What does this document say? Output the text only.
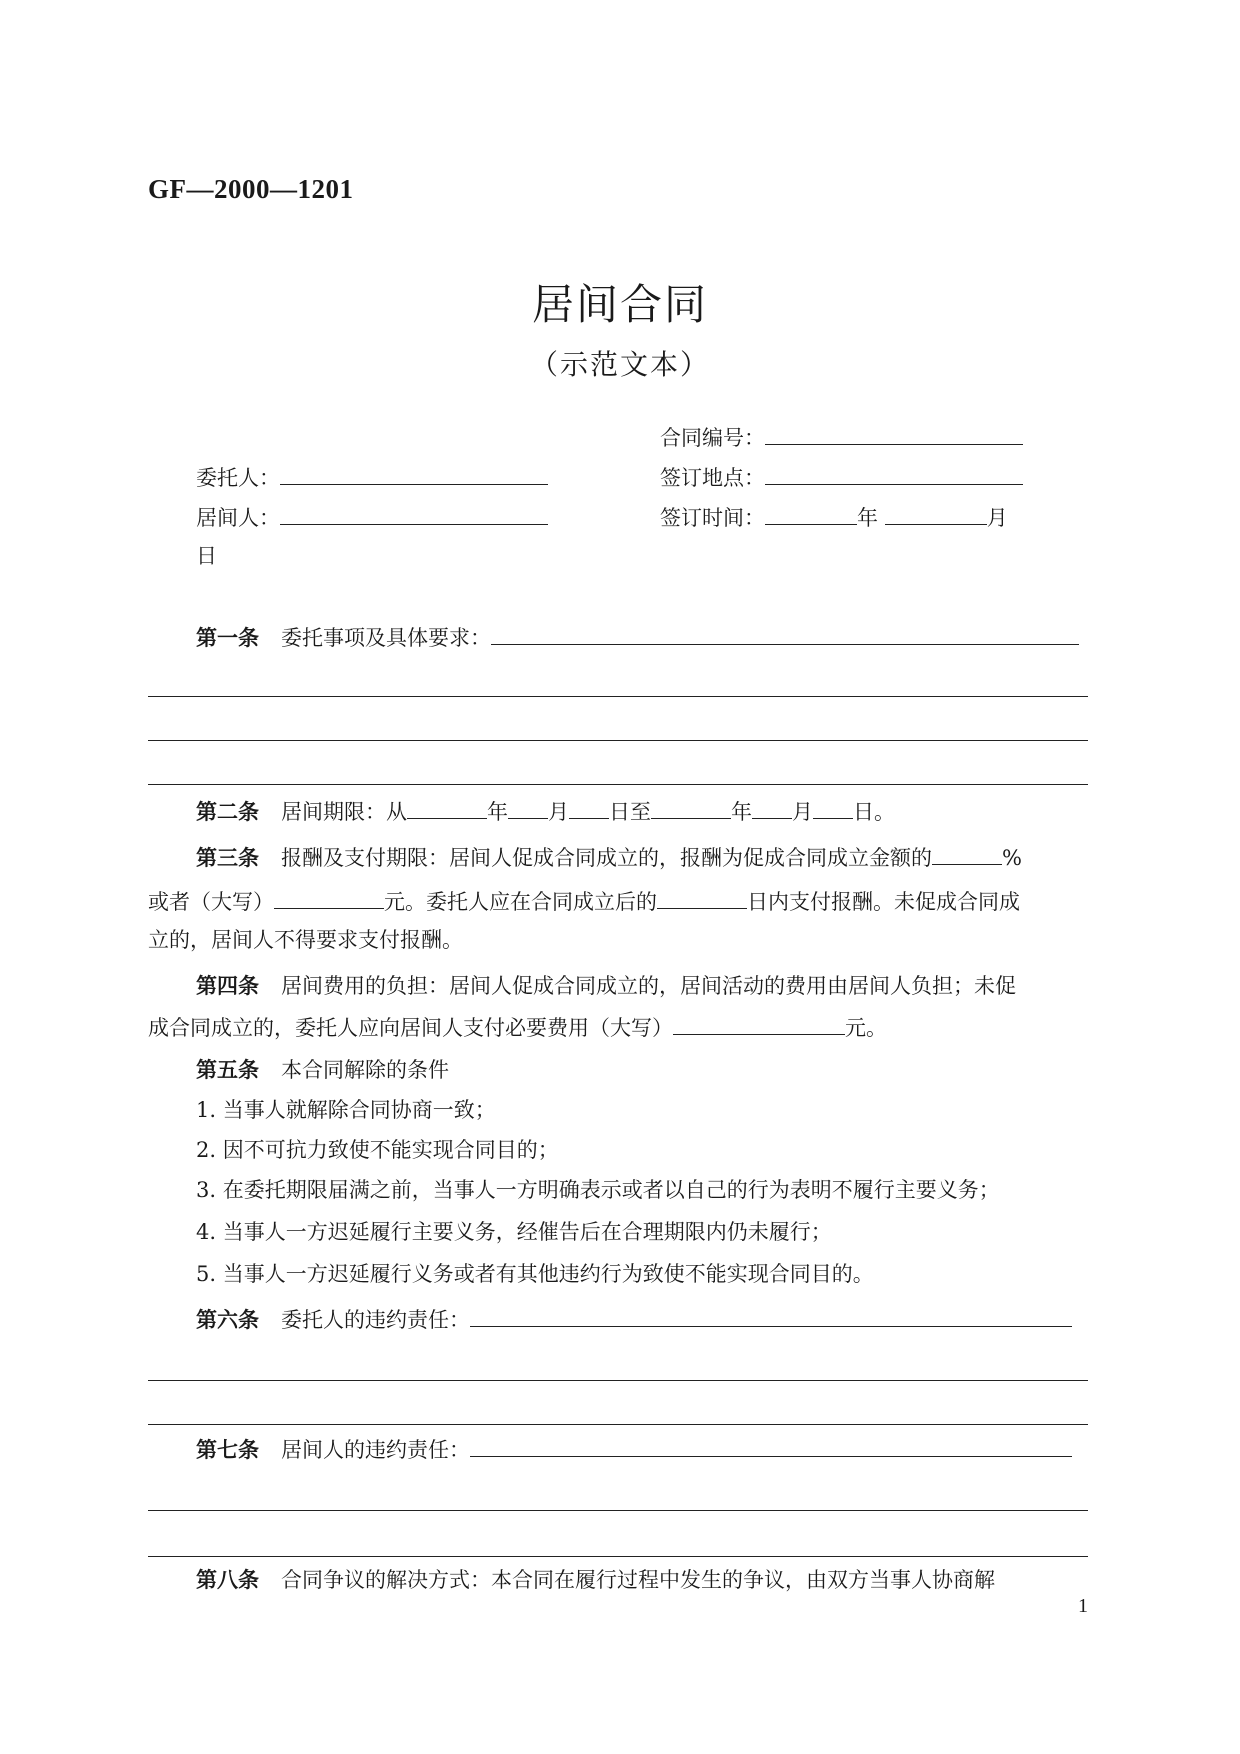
GF—2000—1201
居间合同
（示范文本）
合同编号：
委托人：	签订地点：
居间人：	签订时间：	年	月
日
第一条 委托事项及具体要求：
第二条 居间期限：从	年 月 日至	年 月 日。
第三条 报酬及支付期限：居间人促成合同成立的，报酬为促成合同成立金额的	%
或者（大写）	元。委托人应在合同成立后的	日内支付报酬。未促成合同成
立的，居间人不得要求支付报酬。
第四条 居间费用的负担：居间人促成合同成立的，居间活动的费用由居间人负担；未促
成合同成立的，委托人应向居间人支付必要费用（大写）	元。
第五条 本合同解除的条件
1. 当事人就解除合同协商一致；
2. 因不可抗力致使不能实现合同目的；
3. 在委托期限届满之前，当事人一方明确表示或者以自己的行为表明不履行主要义务；
4. 当事人一方迟延履行主要义务，经催告后在合理期限内仍未履行；
5. 当事人一方迟延履行义务或者有其他违约行为致使不能实现合同目的。
第六条 委托人的违约责任：
第七条 居间人的违约责任：
第八条 合同争议的解决方式：本合同在履行过程中发生的争议，由双方当事人协商解
1
